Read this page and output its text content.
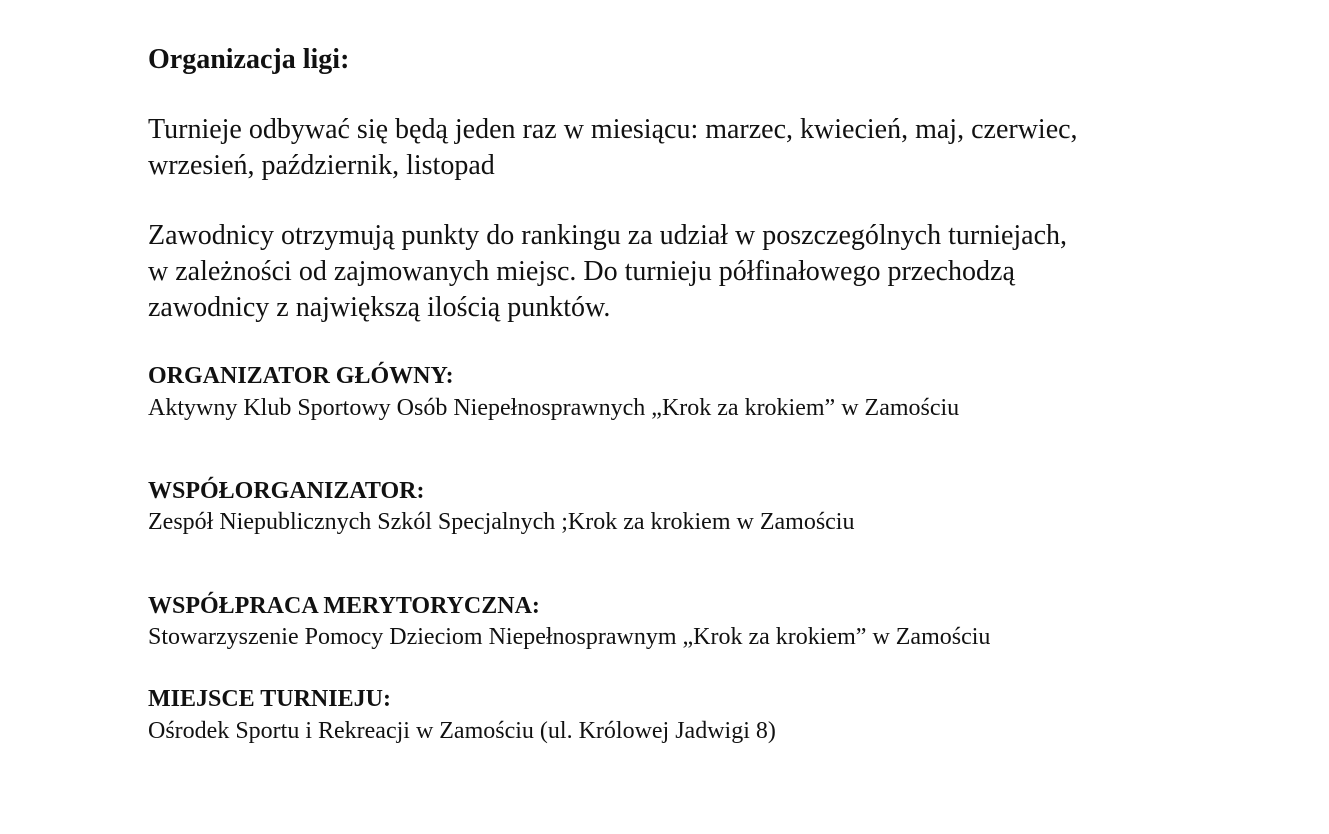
Organizacja ligi:
Turnieje odbywać się będą jeden raz w miesiącu: marzec, kwiecień, maj, czerwiec,
wrzesień, październik, listopad
Zawodnicy otrzymują punkty do rankingu za udział w poszczególnych turniejach,
w zależności od zajmowanych miejsc. Do turnieju półfinałowego przechodzą
zawodnicy z największą ilością punktów.
ORGANIZATOR GŁÓWNY:
Aktywny Klub Sportowy Osób Niepełnosprawnych „Krok za krokiem” w Zamościu
WSPÓŁORGANIZATOR:
Zespół Niepublicznych Szkól Specjalnych ;Krok za krokiem w Zamościu
WSPÓŁPRACA MERYTORYCZNA:
Stowarzyszenie Pomocy Dzieciom Niepełnosprawnym „Krok za krokiem” w Zamościu
MIEJSCE TURNIEJU:
Ośrodek Sportu i Rekreacji w Zamościu (ul. Królowej Jadwigi 8)
